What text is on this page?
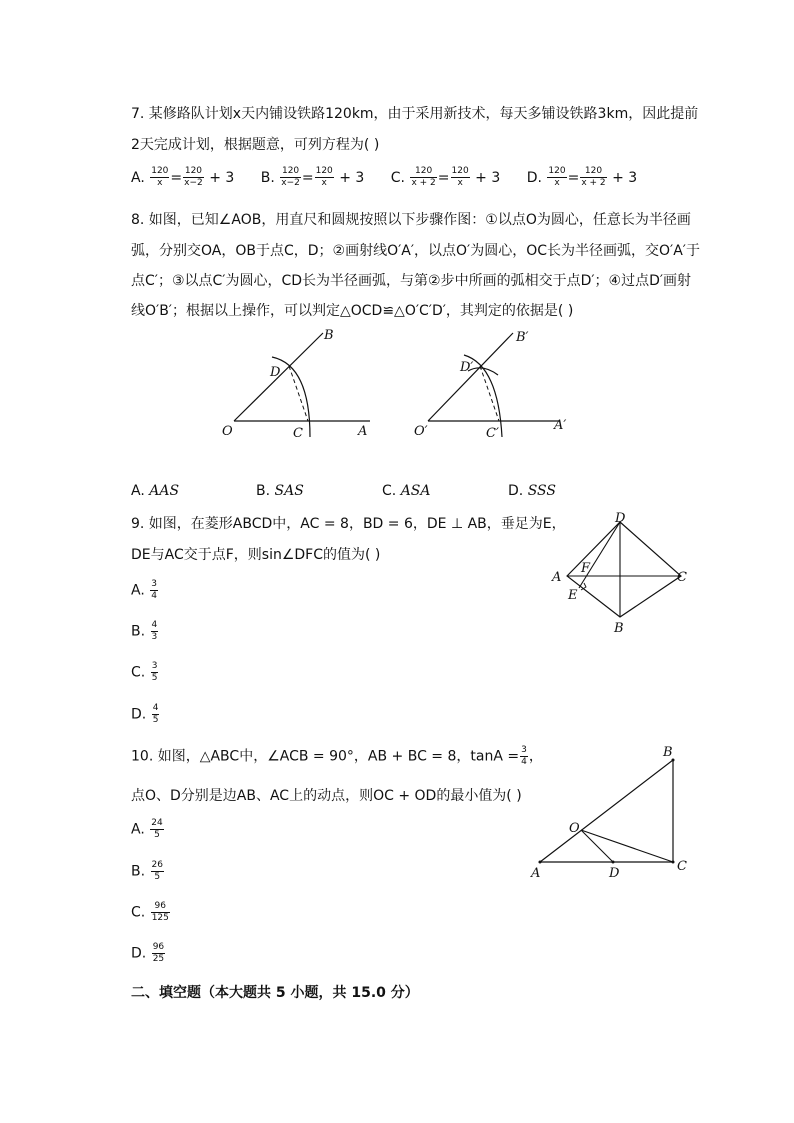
7. 某修路队计划x天内铺设铁路120km，由于采用新技术，每天多铺设铁路3km，因此提前
2天完成计划，根据题意，可列方程为( )
A. $\frac{120}{x} = \frac{120}{x-2} + 3$ B. $\frac{120}{x-2} = \frac{120}{x} + 3$ C. $\frac{120}{x + 2} = \frac{120}{x} + 3$ D. $\frac{120}{x} = \frac{120}{x + 2} + 3$
8. 如图，已知∠AOB，用直尺和圆规按照以下步骤作图：①以点O为圆心，任意长为半径画
弧，分别交OA，OB于点C，D；②画射线O′A′，以点O′为圆心，OC长为半径画弧，交O′A′于
点C′；③以点C′为圆心，CD长为半径画弧，与第②步中所画的弧相交于点D′；④过点D′画射
线O′B′；根据以上操作，可以判定△OCD≌△O′C′D′，其判定的依据是( )
O	C	A
D
B
O′	C′
A′
D′
B′
A. AAS	B. SAS	C. ASA	D. SSS
9. 如图，在菱形ABCD中，AC = 8，BD = 6，DE ⊥ AB，垂足为E，
DE与AC交于点F，则sin∠DFC的值为( )
A
D
C
B
F
E
A. $\frac{3}{4}$
B. $\frac{4}{3}$
C. $\frac{3}{5}$
D. $\frac{4}{5}$
10. 如图，△ABC中，∠ACB = 90°，AB + BC = 8，$\tan A = \frac{3}{4}$ ，
点O、D分别是边AB、AC上的动点，则OC + OD的最小值为( )
B
C
A	D
O
A. $\frac{24}{5}$
B. $\frac{26}{5}$
C. $\frac{96}{125}$
D. $\frac{96}{25}$
二、填空题（本大题共 5 小题，共 15.0 分）
